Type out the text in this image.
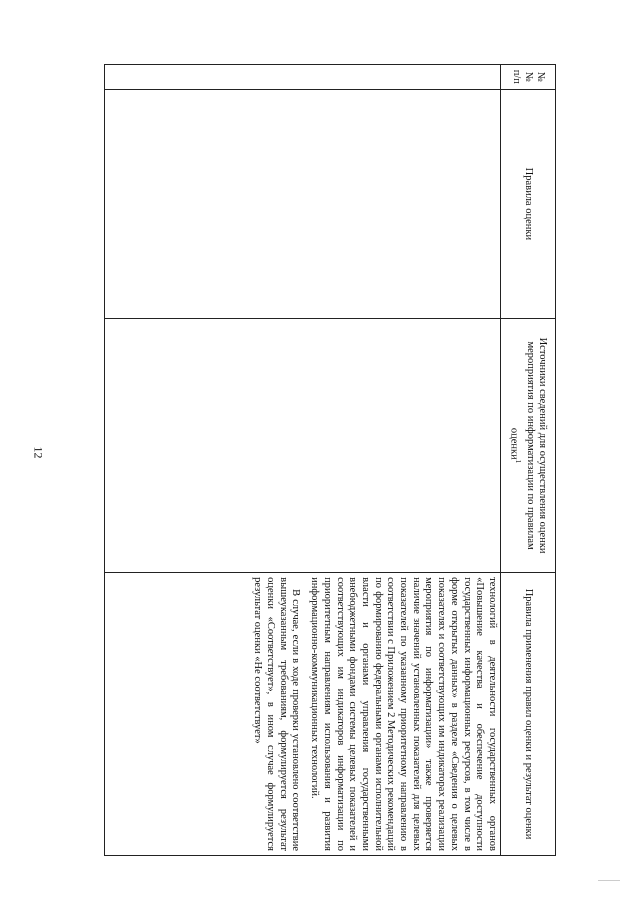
12
№№ п/п	Правила оценки	Источники сведений для осуществления оценки мероприятия по информатизации по правилам оценки$^1$	Правила применения правил оценки и результат оценки

			технологий в деятельности государственных органов «Повышение качества и обеспечение доступности государственных информационных ресурсов, в том числе в форме открытых данных» в разделе «Сведения о целевых показателях и соответствующих им индикаторах реализации мероприятия по информатизации» также проверяется наличие значений установленных показателей для целевых показателей по указанному приоритетному направлению в соответствии с Приложением 2 Методических рекомендаций по формированию федеральными органами исполнительной власти и органами управления государственными внебюджетными фондами системы целевых показателей и соответствующих им индикаторов информатизации по приоритетным направлениям использования и развития информационно-коммуникационных технологий.

В случае, если в ходе проверки установлено соответствие вышеуказанным требованиям, формулируется результат оценки «Соответствует», в ином случае формулируется результат оценки «Не соответствует»
